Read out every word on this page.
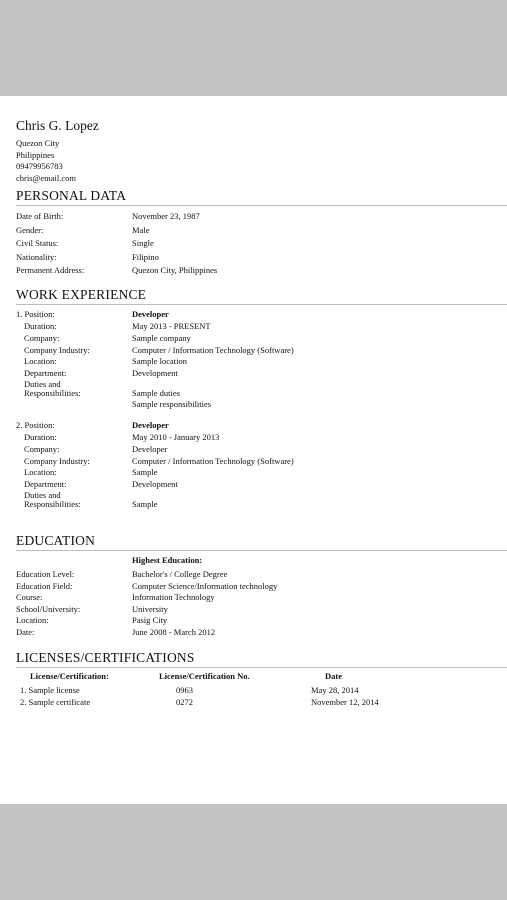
Chris G. Lopez
Quezon City
Philippines
09479956783
chris@email.com
PERSONAL DATA
Date of Birth:	November 23, 1987
Gender:	Male
Civil Status:	Single
Nationality:	Filipino
Permanent Address:	Quezon City, Philippines
WORK EXPERIENCE
1. Position:	Developer
Duration:	May 2013 - PRESENT
Company:	Sample company
Company Industry:	Computer / Information Technology (Software)
Location:	Sample location
Department:	Development
Duties and
Responsibilities:	Sample duties
Sample responsibilities
2. Position:	Developer
Duration:	May 2010 - January 2013
Company:	Developer
Company Industry:	Computer / Information Technology (Software)
Location:	Sample
Department:	Development
Duties and
Responsibilities:	Sample
EDUCATION
Highest Education:
Education Level:	Bachelor's / College Degree
Education Field:	Computer Science/Information technology
Course:	Information Technology
School/University:	University
Location:	Pasig City
Date:	June 2008 - March 2012
LICENSES/CERTIFICATIONS
License/Certification:	License/Certification No.	Date
1. Sample license	0963	May 28, 2014
2. Sample certificate	0272	November 12, 2014
